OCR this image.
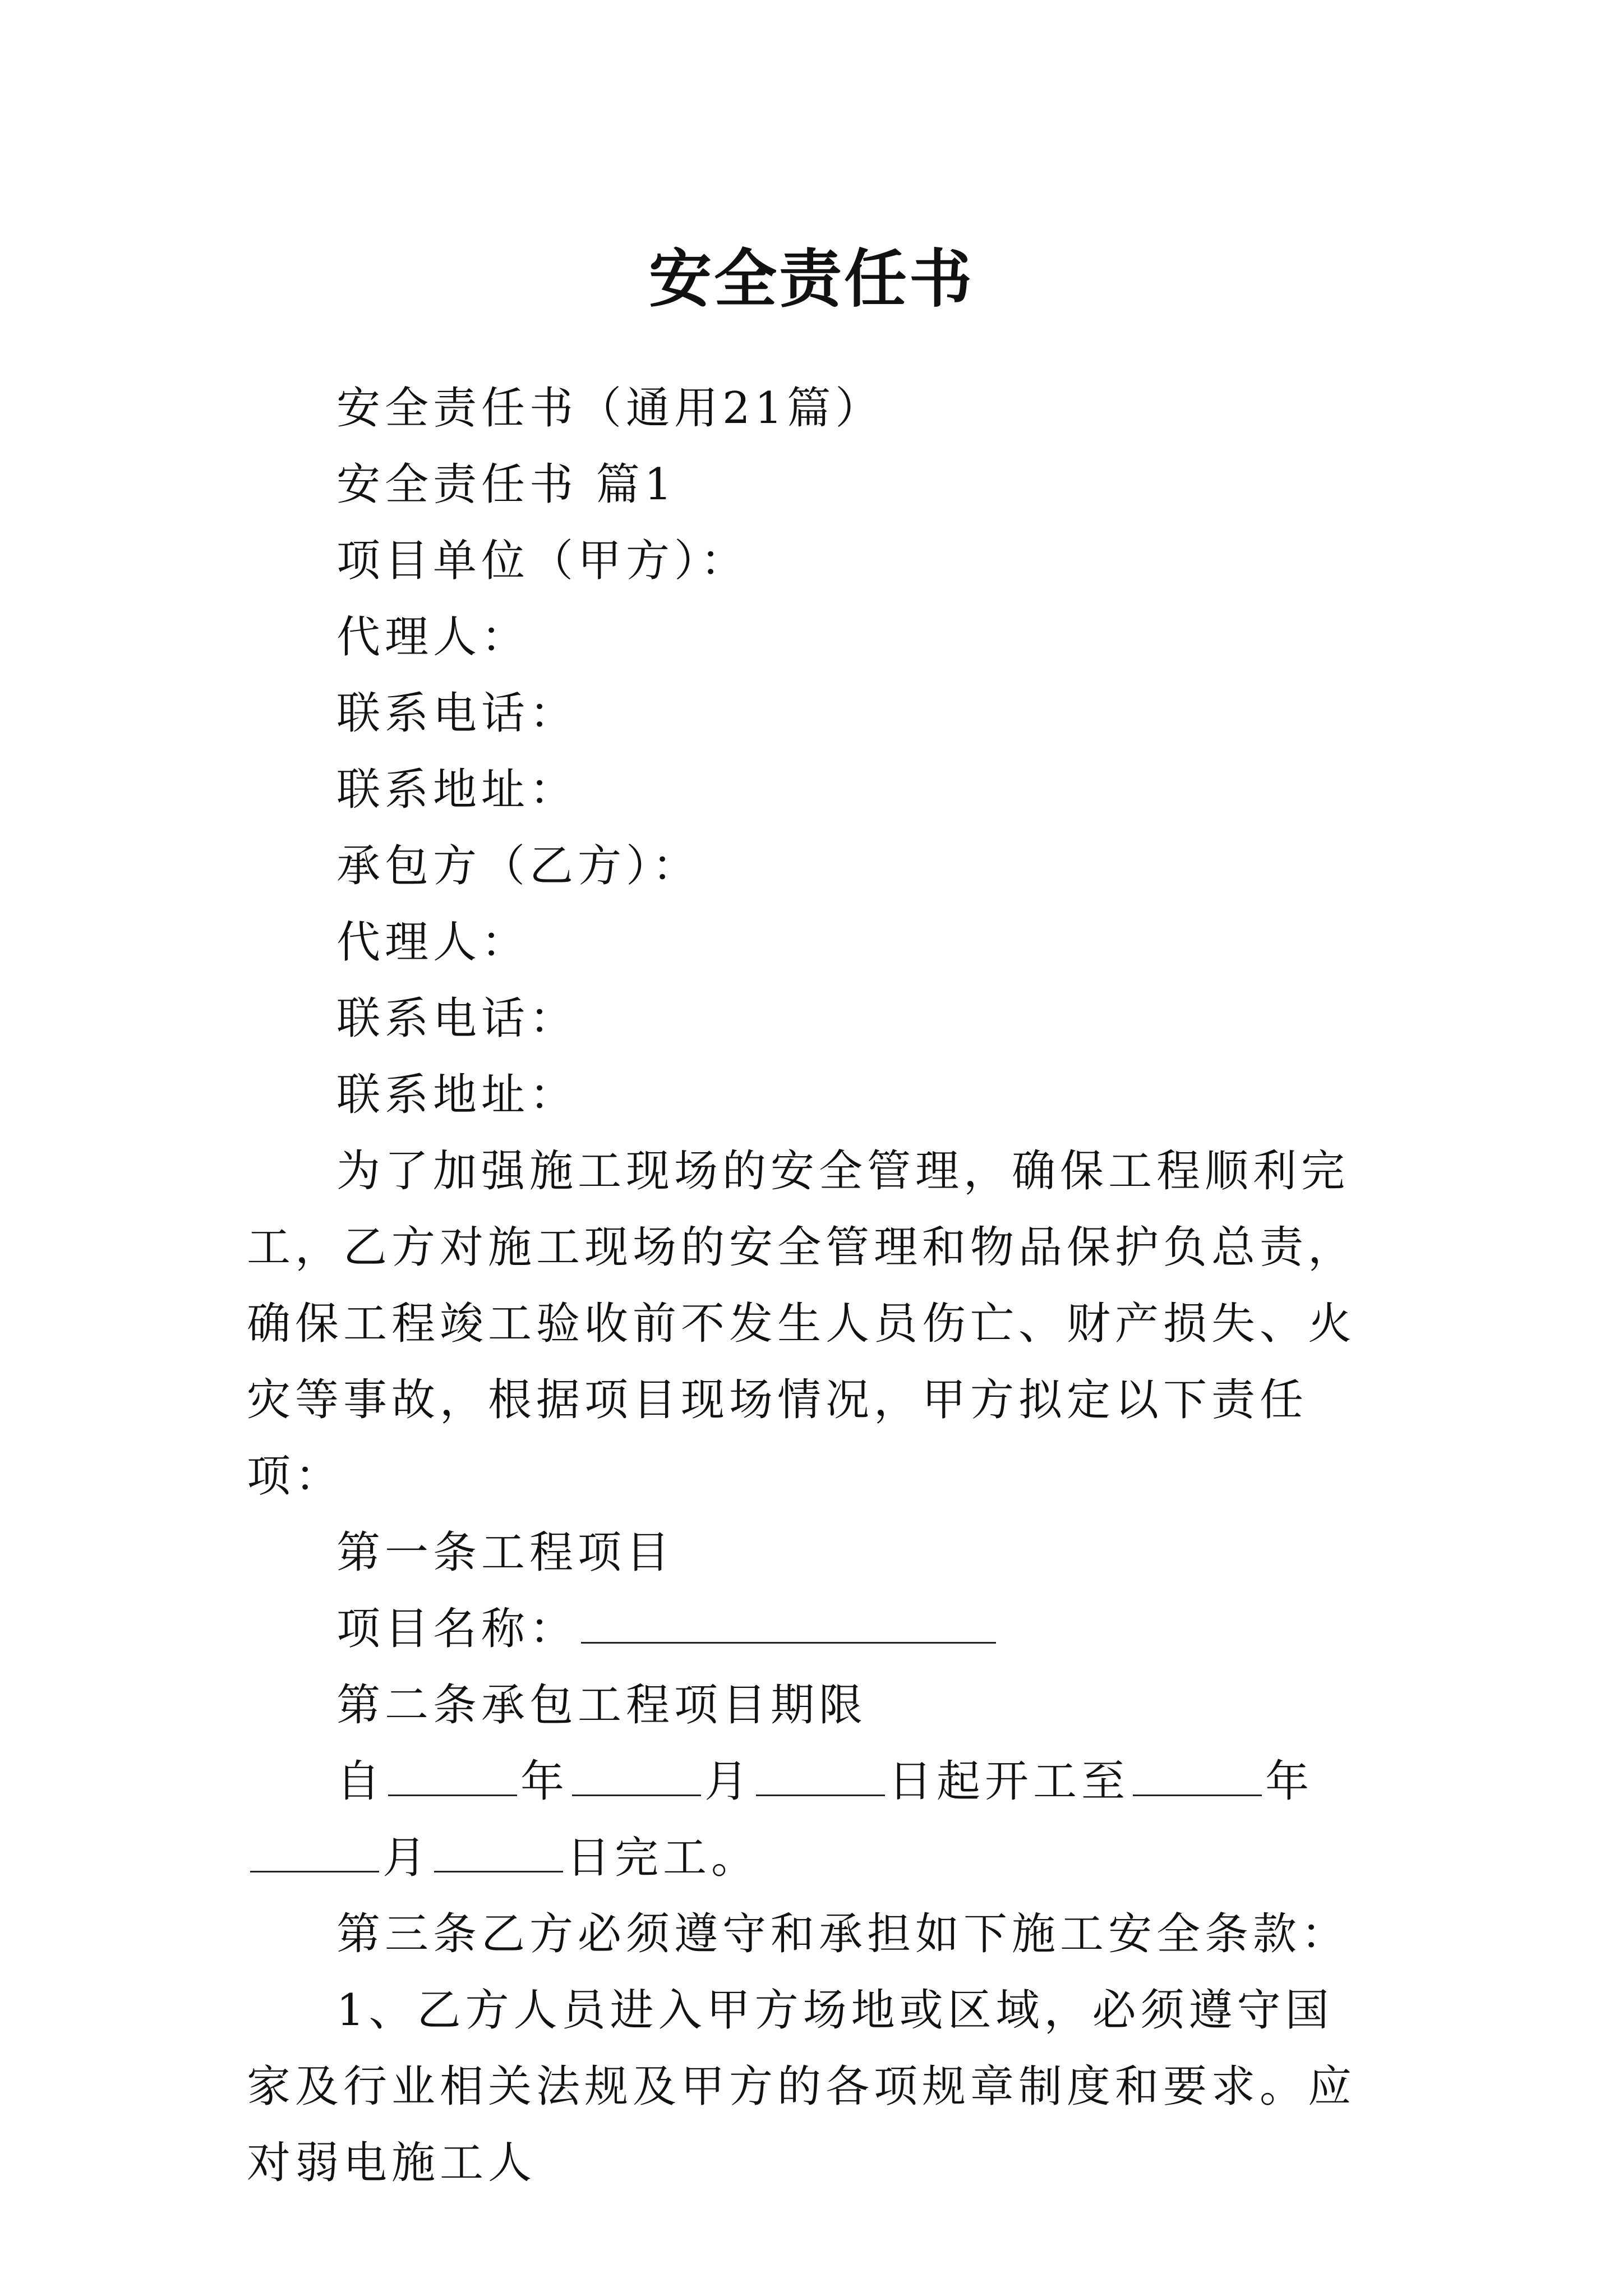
安全责任书

安全责任书（通用21篇）

安全责任书 篇1

项目单位（甲方）：

代理人：

联系电话：

联系地址：

承包方（乙方）：

代理人：

联系电话：

联系地址：

为了加强施工现场的安全管理，确保工程顺利完工，乙方对施工现场的安全管理和物品保护负总责，确保工程竣工验收前不发生人员伤亡、财产损失、火灾等事故，根据项目现场情况，甲方拟定以下责任项：

第一条工程项目

项目名称：

第二条承包工程项目期限

自	年	月	日起开工至	年月	日完工。

第三条乙方必须遵守和承担如下施工安全条款：

1、乙方人员进入甲方场地或区域，必须遵守国家及行业相关法规及甲方的各项规章制度和要求。应对弱电施工人
